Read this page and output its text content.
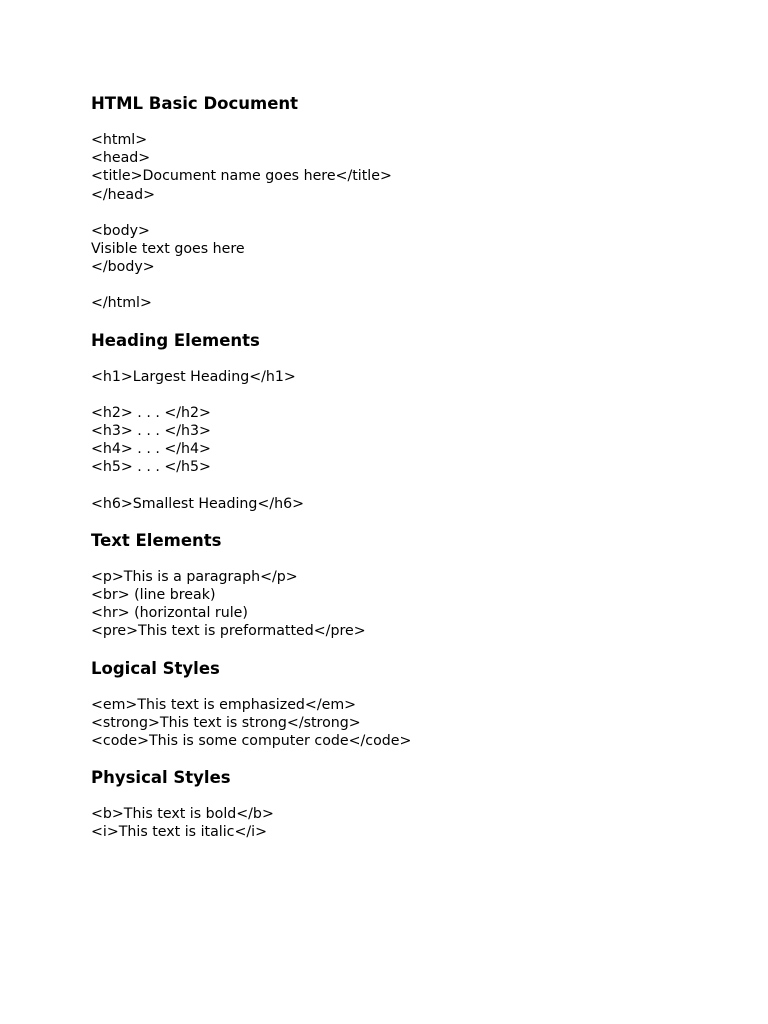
HTML Basic Document
<html>
<head>
<title>Document name goes here</title>
</head>
<body>
Visible text goes here
</body>
</html>
Heading Elements
<h1>Largest Heading</h1>
<h2> . . . </h2>
<h3> . . . </h3>
<h4> . . . </h4>
<h5> . . . </h5>
<h6>Smallest Heading</h6>
Text Elements
<p>This is a paragraph</p>
<br> (line break)
<hr> (horizontal rule)
<pre>This text is preformatted</pre>
Logical Styles
<em>This text is emphasized</em>
<strong>This text is strong</strong>
<code>This is some computer code</code>
Physical Styles
<b>This text is bold</b>
<i>This text is italic</i>
